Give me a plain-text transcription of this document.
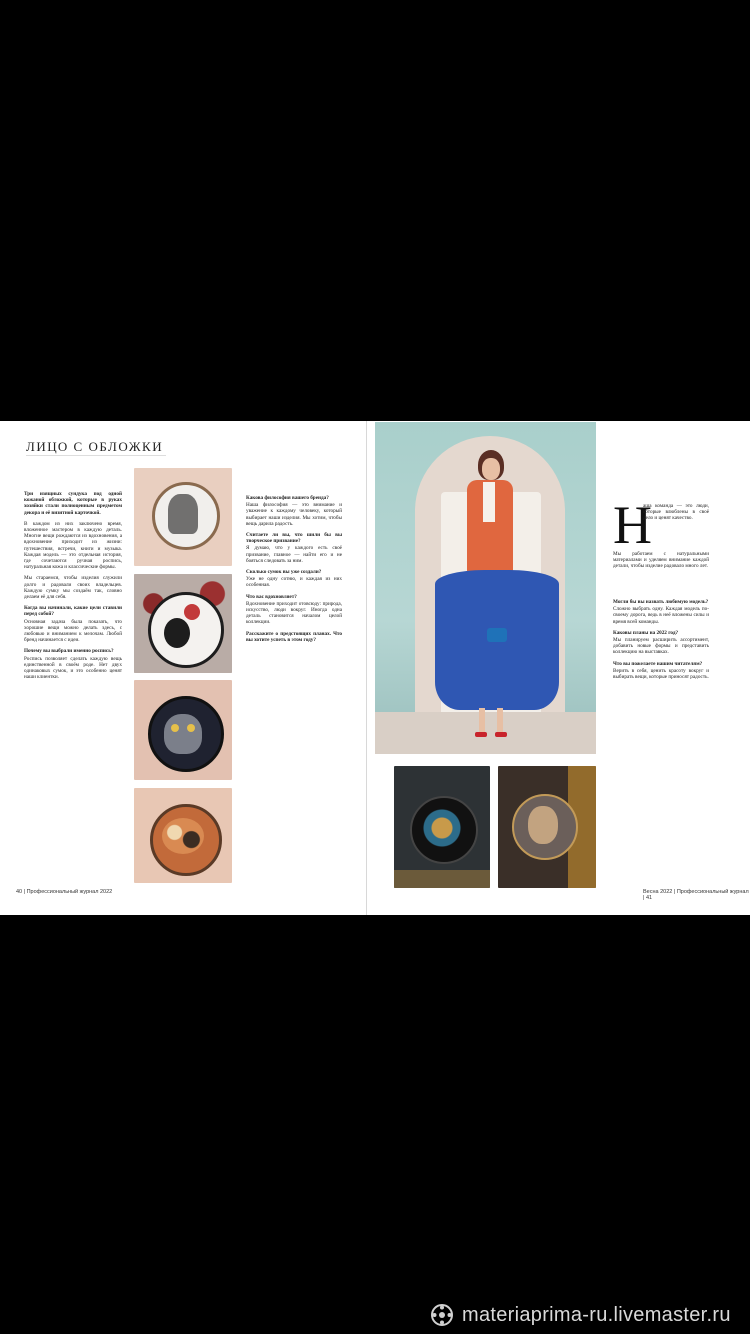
ЛИЦО С ОБЛОЖКИ

Три изящных сундука под одной кожаной обложкой, которые в руках хозяйки стали полноценным предметом декора и её визитной карточкой.

В каждом из них заключено время, вложенное мастером в каждую деталь. Многие вещи рождаются из вдохновения, а вдохновение приходит из жизни: путешествия, встречи, книги и музыка. Каждая модель — это отдельная история, где сочетаются ручная роспись, натуральная кожа и классические формы.

Мы стараемся, чтобы изделия служили долго и радовали своих владельцев. Каждую сумку мы создаём так, словно делаем её для себя.

Когда вы начинали, какие цели ставили перед собой?

Основная задача была показать, что хорошие вещи можно делать здесь, с любовью и вниманием к мелочам. Любой бренд начинается с идеи.

Почему вы выбрали именно роспись?

Роспись позволяет сделать каждую вещь единственной в своём роде. Нет двух одинаковых сумок, и это особенно ценят наши клиентки.

Какова философия вашего бренда?

Наша философия — это внимание и уважение к каждому человеку, который выбирает наши изделия. Мы хотим, чтобы вещь дарила радость.

Считаете ли вы, что шили бы вы творческое призвание?

Я думаю, что у каждого есть своё призвание, главное — найти его и не бояться следовать за ним.

Сколько сумок вы уже создали?

Уже не одну сотню, и каждая из них особенная.

Что вас вдохновляет?

Вдохновение приходит отовсюду: природа, искусство, люди вокруг. Иногда одна деталь становится началом целой коллекции.

Расскажите о предстоящих планах. Что вы хотите успеть в этом году?

40 | Профессиональный журнал 2022
Н
аша команда — это люди, которые влюблены в своё дело и ценят качество.
Мы работаем с натуральными материалами и уделяем внимание каждой детали, чтобы изделие радовало много лет.

Могли бы вы назвать любимую модель?

Сложно выбрать одну. Каждая модель по-своему дорога, ведь в неё вложены силы и время всей команды.

Каковы планы на 2022 год?

Мы планируем расширить ассортимент, добавить новые формы и представить коллекцию на выставках.

Что вы пожелаете нашим читателям?

Верить в себя, ценить красоту вокруг и выбирать вещи, которые приносят радость.

Весна 2022 | Профессиональный журнал | 41
materiaprima-ru.livemaster.ru
